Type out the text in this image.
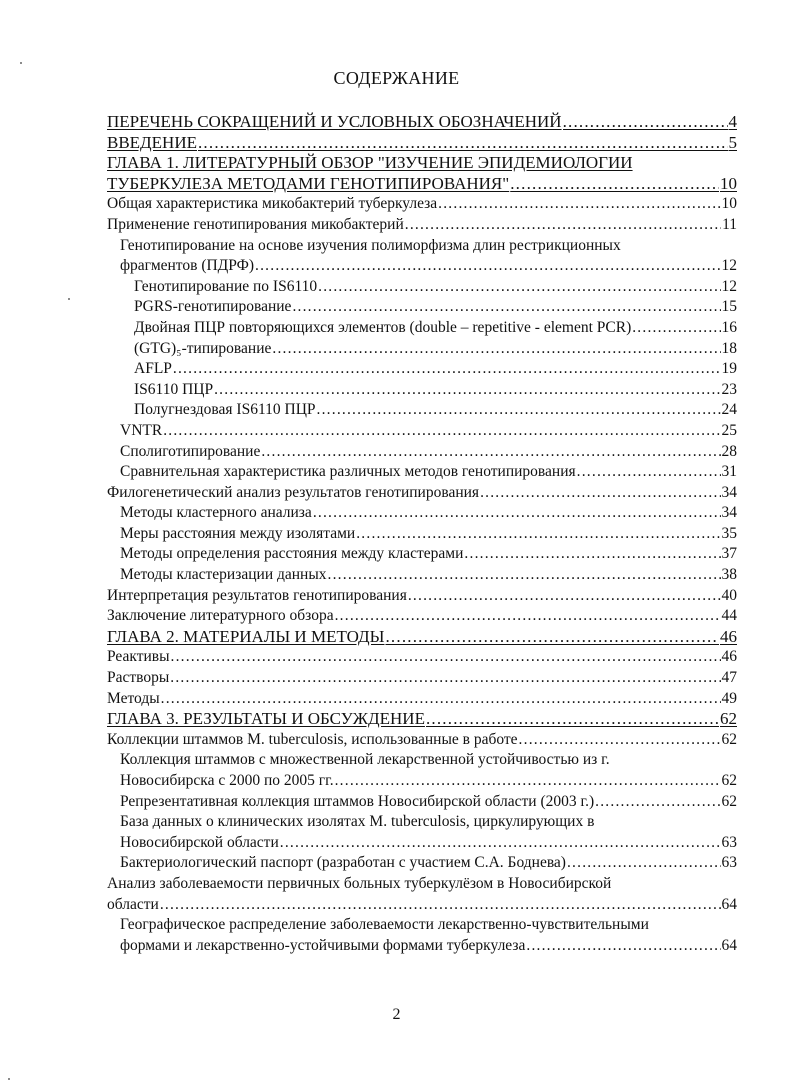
СОДЕРЖАНИЕ
ПЕРЕЧЕНЬ СОКРАЩЕНИЙ И УСЛОВНЫХ ОБОЗНАЧЕНИЙ .....	4
ВВЕДЕНИЕ .....	5
ГЛАВА 1. ЛИТЕРАТУРНЫЙ ОБЗОР "ИЗУЧЕНИЕ ЭПИДЕМИОЛОГИИ
ТУБЕРКУЛЕЗА МЕТОДАМИ ГЕНОТИПИРОВАНИЯ" .....	10
Общая характеристика микобактерий туберкулеза .....	10
Применение генотипирования микобактерий .....	11
Генотипирование на основе изучения полиморфизма длин рестрикционных
фрагментов (ПДРФ) .....	12
Генотипирование по IS6110 .....	12
PGRS-генотипирование .....	15
Двойная ПЦР повторяющихся элементов (double – repetitive - element PCR) .....	16
(GTG)₅-типирование .....	18
AFLP .....	19
IS6110 ПЦР .....	23
Полугнездовая IS6110 ПЦР .....	24
VNTR .....	25
Сполиготипирование .....	28
Сравнительная характеристика различных методов генотипирования .....	31
Филогенетический анализ результатов генотипирования .....	34
Методы кластерного анализа .....	34
Меры расстояния между изолятами .....	35
Методы определения расстояния между кластерами .....	37
Методы кластеризации данных .....	38
Интерпретация результатов генотипирования .....	40
Заключение литературного обзора .....	44
ГЛАВА 2. МАТЕРИАЛЫ И МЕТОДЫ .....	46
Реактивы .....	46
Растворы .....	47
Методы .....	49
ГЛАВА 3. РЕЗУЛЬТАТЫ И ОБСУЖДЕНИЕ .....	62
Коллекции штаммов M. tuberculosis, использованные в работе .....	62
Коллекция штаммов с множественной лекарственной устойчивостью из г.
Новосибирска с 2000 по 2005 гг. .....	62
Репрезентативная коллекция штаммов Новосибирской области (2003 г.) .....	62
База данных о клинических изолятах M. tuberculosis, циркулирующих в
Новосибирской области .....	63
Бактериологический паспорт (разработан с участием С.А. Боднева) .....	63
Анализ заболеваемости первичных больных туберкулёзом в Новосибирской
области .....	64
Географическое распределение заболеваемости лекарственно-чувствительными
формами и лекарственно-устойчивыми формами туберкулеза .....	64
2
